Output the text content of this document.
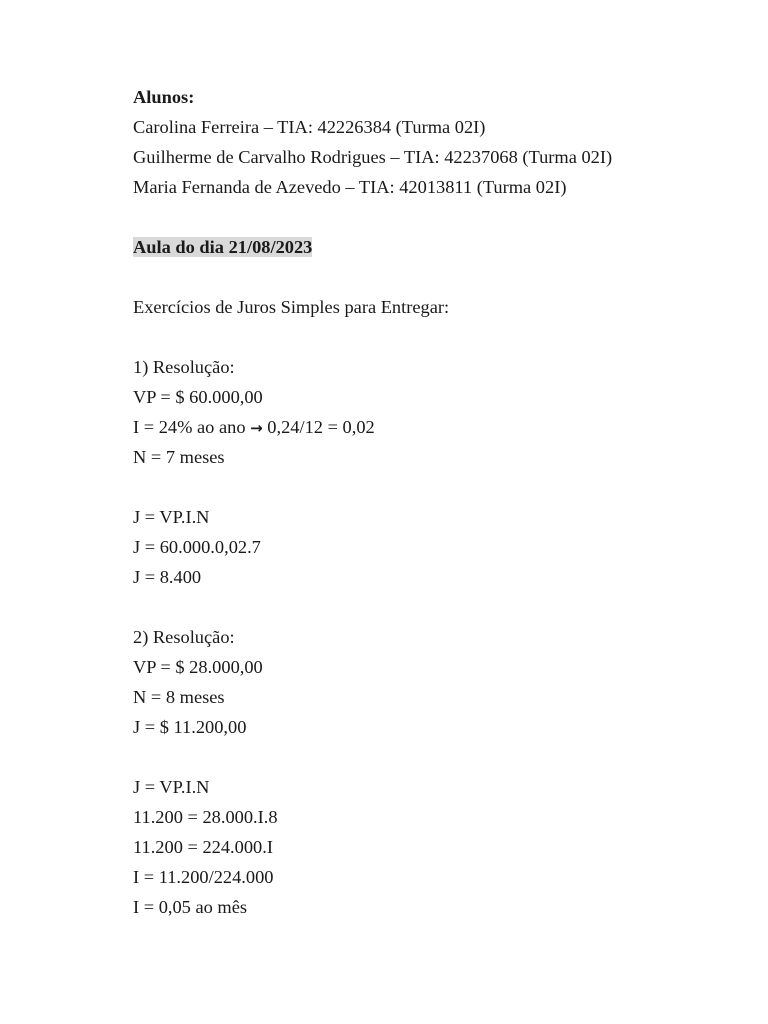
Alunos:
Carolina Ferreira – TIA: 42226384 (Turma 02I)
Guilherme de Carvalho Rodrigues – TIA: 42237068 (Turma 02I)
Maria Fernanda de Azevedo – TIA: 42013811 (Turma 02I)
Aula do dia 21/08/2023
Exercícios de Juros Simples para Entregar:
1) Resolução:
VP = $ 60.000,00
I = 24% ao ano → 0,24/12 = 0,02
N = 7 meses
J = VP.I.N
J = 60.000.0,02.7
J = 8.400
2) Resolução:
VP = $ 28.000,00
N = 8 meses
J = $ 11.200,00
J = VP.I.N
11.200 = 28.000.I.8
11.200 = 224.000.I
I = 11.200/224.000
I = 0,05 ao mês
